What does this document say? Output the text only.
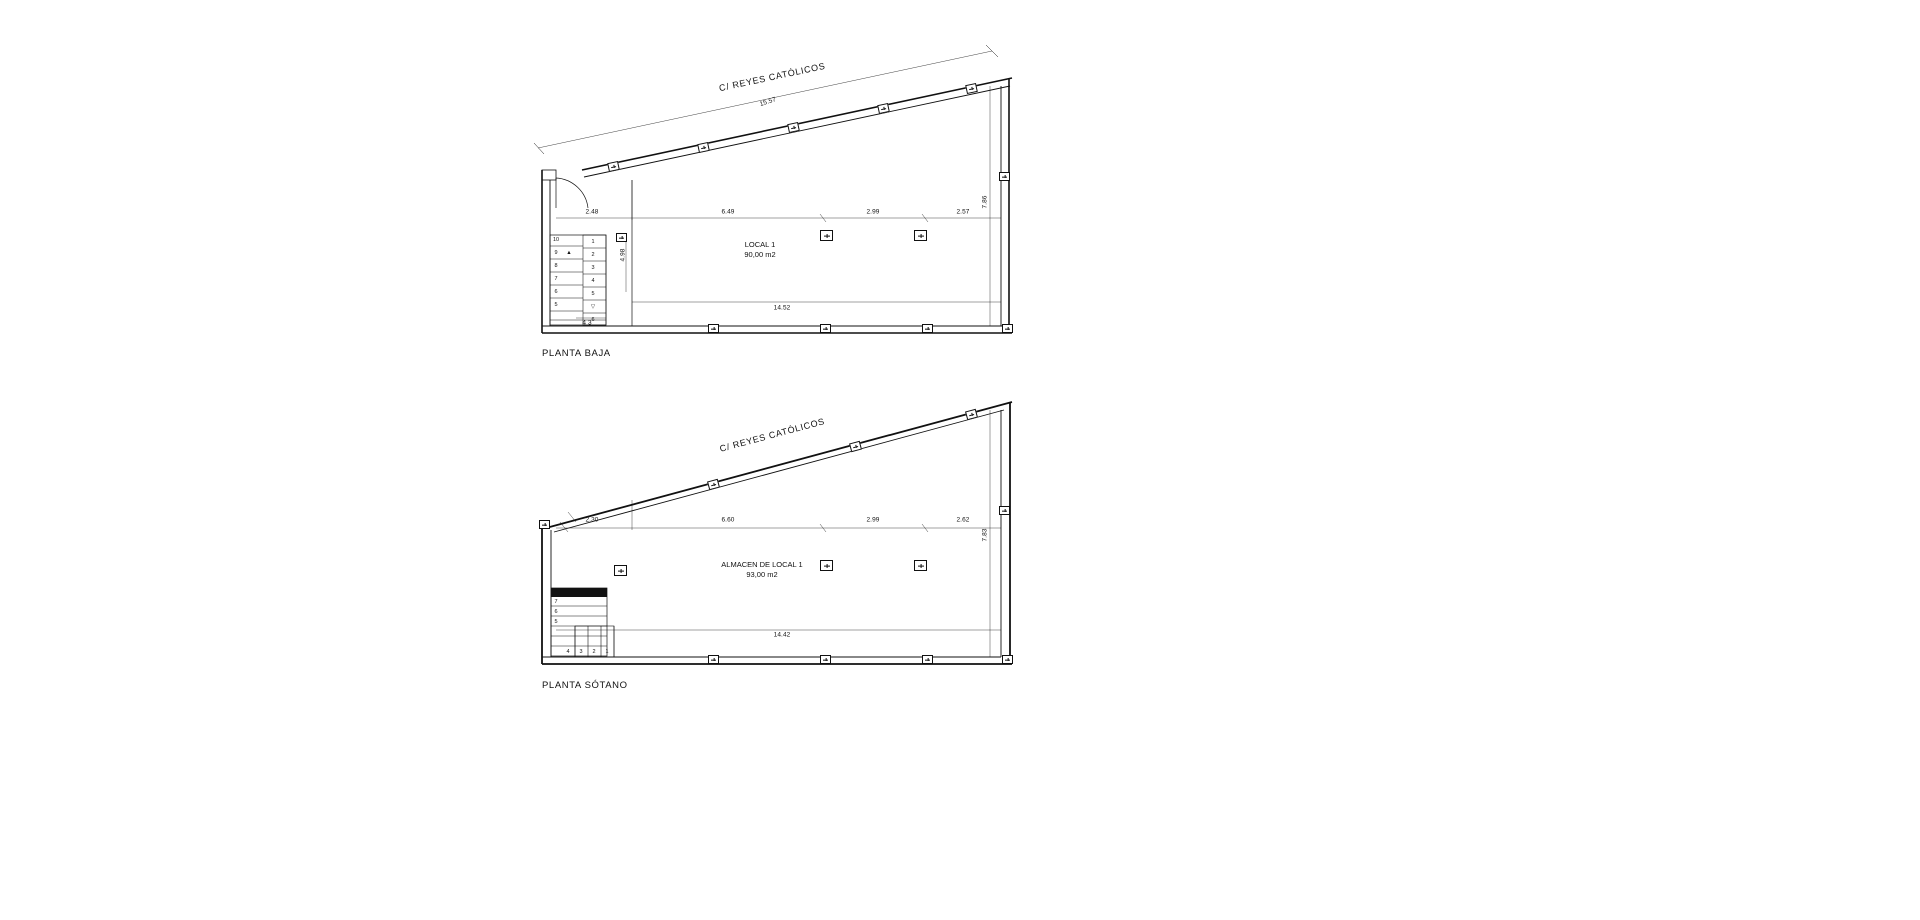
C/ REYES CATÓLICOS
15.57
2.48	6.49	2.99	2.57
7.86
4.98
14.52
4 3
LOCAL 1
90,00 m2
10
9
8
7
6
5
▲
1
2
3
4
5
6
▽
PLANTA BAJA
C/ REYES CATÓLICOS
2.30	6.60	2.99	2.62
7.83
14.42
ALMACEN DE LOCAL 1
93,00 m2
7
6
5
▲
4 3 2 1
PLANTA SÓTANO
